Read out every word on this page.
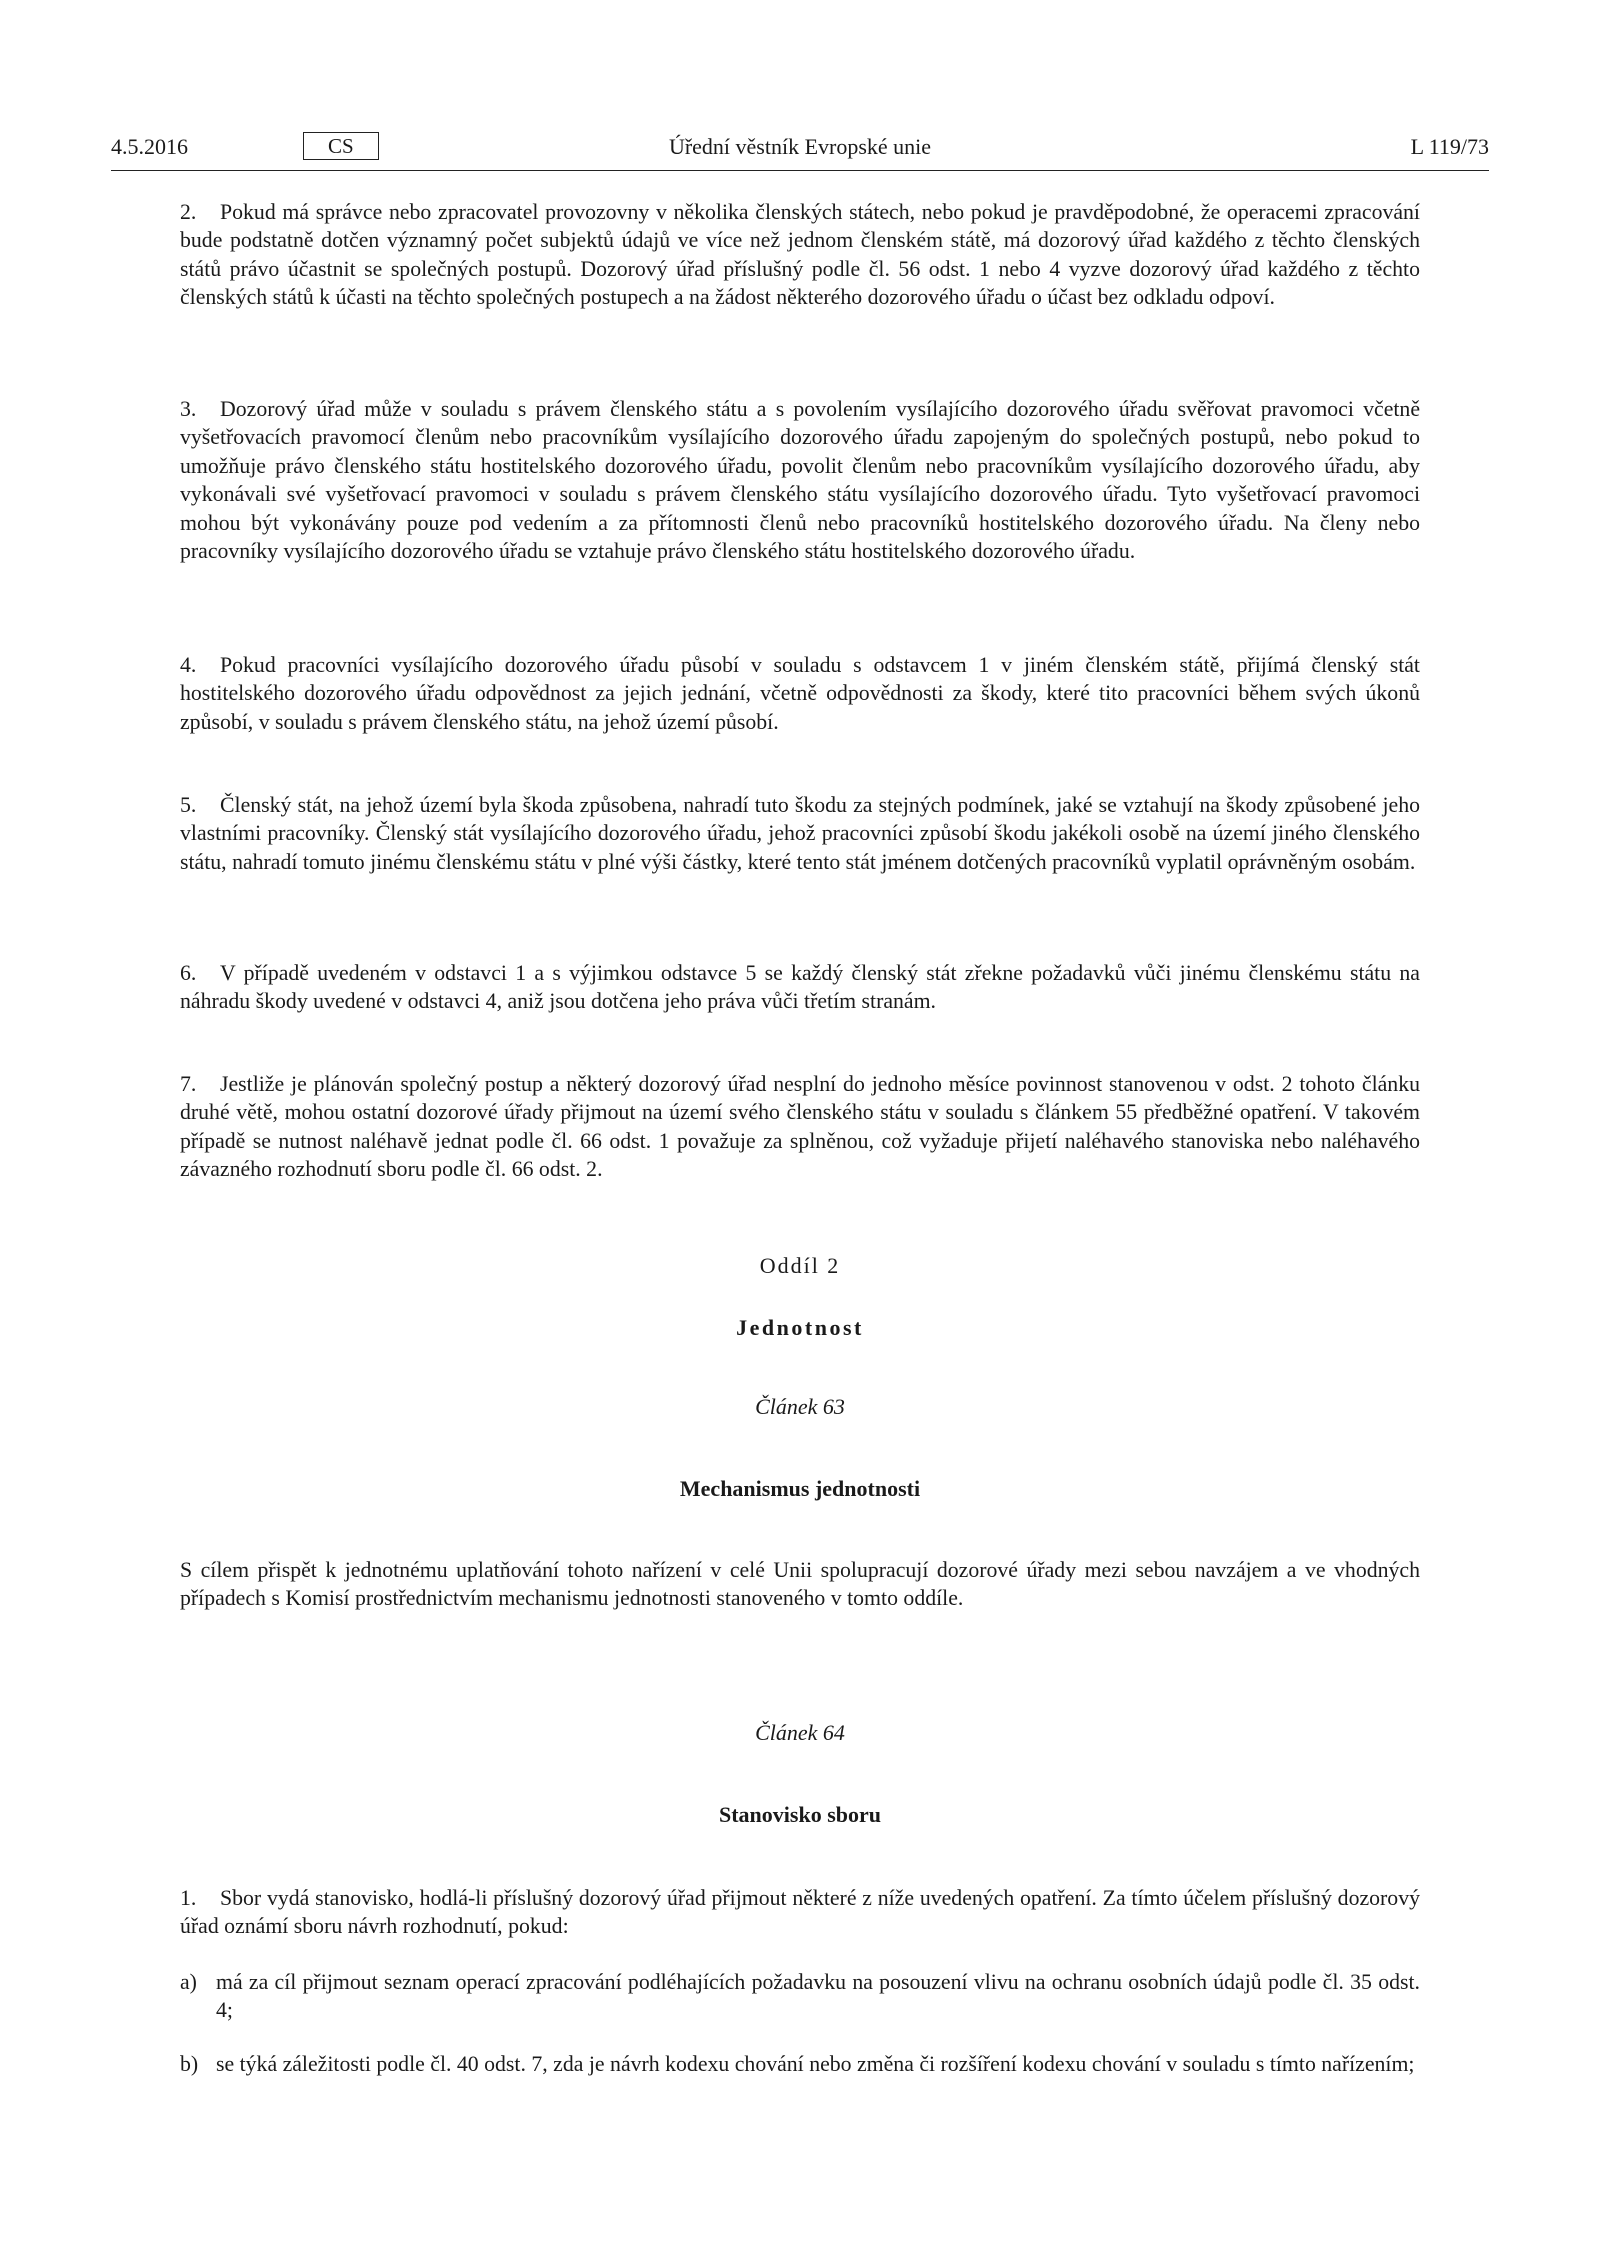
4.5.2016	Úřední věstník Evropské unie
CS	L 119/73
2. Pokud má správce nebo zpracovatel provozovny v několika členských státech, nebo pokud je pravděpodobné, že operacemi zpracování bude podstatně dotčen významný počet subjektů údajů ve více než jednom členském státě, má dozorový úřad každého z těchto členských států právo účastnit se společných postupů. Dozorový úřad příslušný podle čl. 56 odst. 1 nebo 4 vyzve dozorový úřad každého z těchto členských států k účasti na těchto společných postupech a na žádost některého dozorového úřadu o účast bez odkladu odpoví.
3. Dozorový úřad může v souladu s právem členského státu a s povolením vysílajícího dozorového úřadu svěřovat pravomoci včetně vyšetřovacích pravomocí členům nebo pracovníkům vysílajícího dozorového úřadu zapojeným do společných postupů, nebo pokud to umožňuje právo členského státu hostitelského dozorového úřadu, povolit členům nebo pracovníkům vysílajícího dozorového úřadu, aby vykonávali své vyšetřovací pravomoci v souladu s právem členského státu vysílajícího dozorového úřadu. Tyto vyšetřovací pravomoci mohou být vykonávány pouze pod vedením a za přítomnosti členů nebo pracovníků hostitelského dozorového úřadu. Na členy nebo pracovníky vysílajícího dozorového úřadu se vztahuje právo členského státu hostitelského dozorového úřadu.
4. Pokud pracovníci vysílajícího dozorového úřadu působí v souladu s odstavcem 1 v jiném členském státě, přijímá členský stát hostitelského dozorového úřadu odpovědnost za jejich jednání, včetně odpovědnosti za škody, které tito pracovníci během svých úkonů způsobí, v souladu s právem členského státu, na jehož území působí.
5. Členský stát, na jehož území byla škoda způsobena, nahradí tuto škodu za stejných podmínek, jaké se vztahují na škody způsobené jeho vlastními pracovníky. Členský stát vysílajícího dozorového úřadu, jehož pracovníci způsobí škodu jakékoli osobě na území jiného členského státu, nahradí tomuto jinému členskému státu v plné výši částky, které tento stát jménem dotčených pracovníků vyplatil oprávněným osobám.
6. V případě uvedeném v odstavci 1 a s výjimkou odstavce 5 se každý členský stát zřekne požadavků vůči jinému členskému státu na náhradu škody uvedené v odstavci 4, aniž jsou dotčena jeho práva vůči třetím stranám.
7. Jestliže je plánován společný postup a některý dozorový úřad nesplní do jednoho měsíce povinnost stanovenou v odst. 2 tohoto článku druhé větě, mohou ostatní dozorové úřady přijmout na území svého členského státu v souladu s článkem 55 předběžné opatření. V takovém případě se nutnost naléhavě jednat podle čl. 66 odst. 1 považuje za splněnou, což vyžaduje přijetí naléhavého stanoviska nebo naléhavého závazného rozhodnutí sboru podle čl. 66 odst. 2.
Oddíl 2
Jednotnost
Článek 63
Mechanismus jednotnosti
S cílem přispět k jednotnému uplatňování tohoto nařízení v celé Unii spolupracují dozorové úřady mezi sebou navzájem a ve vhodných případech s Komisí prostřednictvím mechanismu jednotnosti stanoveného v tomto oddíle.
Článek 64
Stanovisko sboru
1. Sbor vydá stanovisko, hodlá-li příslušný dozorový úřad přijmout některé z níže uvedených opatření. Za tímto účelem příslušný dozorový úřad oznámí sboru návrh rozhodnutí, pokud:
a) má za cíl přijmout seznam operací zpracování podléhajících požadavku na posouzení vlivu na ochranu osobních údajů podle čl. 35 odst. 4;
b) se týká záležitosti podle čl. 40 odst. 7, zda je návrh kodexu chování nebo změna či rozšíření kodexu chování v souladu s tímto nařízením;
